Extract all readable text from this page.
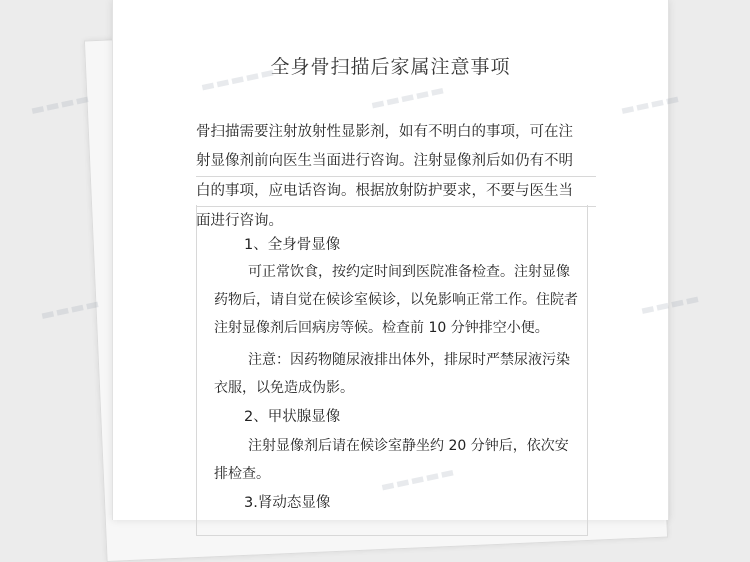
全身骨扫描后家属注意事项
骨扫描需要注射放射性显影剂，如有不明白的事项，可在注
射显像剂前向医生当面进行咨询。注射显像剂后如仍有不明
白的事项，应电话咨询。根据放射防护要求，不要与医生当
面进行咨询。
1、全身骨显像
可正常饮食，按约定时间到医院准备检查。注射显像
药物后，请自觉在候诊室候诊，以免影响正常工作。住院者
注射显像剂后回病房等候。检查前 10 分钟排空小便。
注意：因药物随尿液排出体外，排尿时严禁尿液污染
衣服，以免造成伪影。
2、甲状腺显像
注射显像剂后请在候诊室静坐约 20 分钟后，依次安
排检查。
3.肾动态显像
▬▬▬▬
▬▬▬▬▬
▬▬▬▬▬	▬▬▬▬
▬▬▬▬	▬▬▬▬
▬▬▬▬▬
